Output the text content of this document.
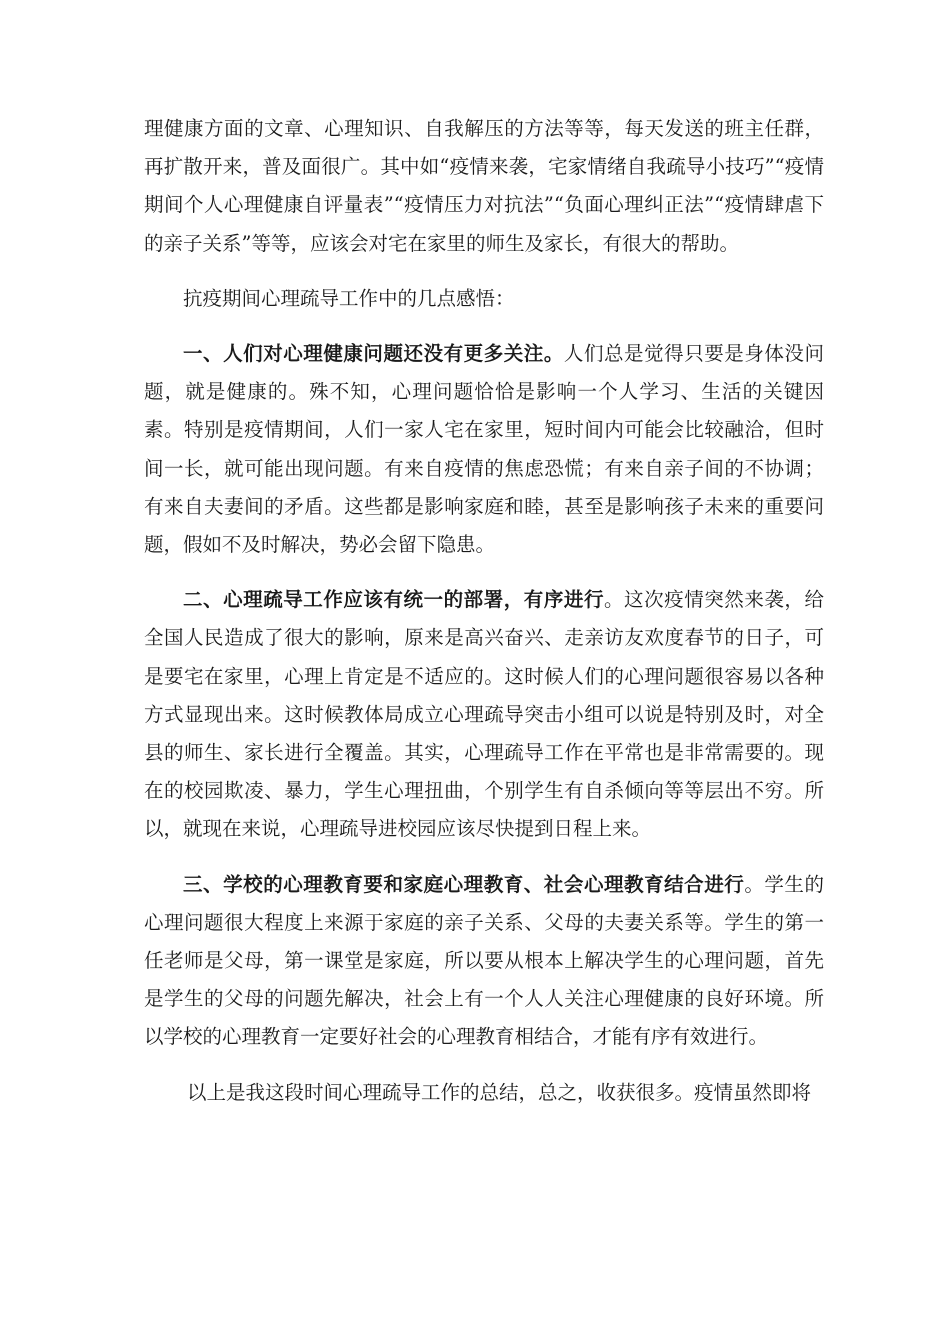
理健康方面的文章、心理知识、自我解压的方法等等，每天发送的班主任群，再扩散开来，普及面很广。其中如“疫情来袭，宅家情绪自我疏导小技巧”“疫情期间个人心理健康自评量表”“疫情压力对抗法”“负面心理纠正法”“疫情肆虐下的亲子关系”等等，应该会对宅在家里的师生及家长，有很大的帮助。

抗疫期间心理疏导工作中的几点感悟：

一、人们对心理健康问题还没有更多关注。人们总是觉得只要是身体没问题，就是健康的。殊不知，心理问题恰恰是影响一个人学习、生活的关键因素。特别是疫情期间，人们一家人宅在家里，短时间内可能会比较融洽，但时间一长，就可能出现问题。有来自疫情的焦虑恐慌；有来自亲子间的不协调；有来自夫妻间的矛盾。这些都是影响家庭和睦，甚至是影响孩子未来的重要问题，假如不及时解决，势必会留下隐患。

二、心理疏导工作应该有统一的部署，有序进行。这次疫情突然来袭，给全国人民造成了很大的影响，原来是高兴奋兴、走亲访友欢度春节的日子，可是要宅在家里，心理上肯定是不适应的。这时候人们的心理问题很容易以各种方式显现出来。这时候教体局成立心理疏导突击小组可以说是特别及时，对全县的师生、家长进行全覆盖。其实，心理疏导工作在平常也是非常需要的。现在的校园欺凌、暴力，学生心理扭曲，个别学生有自杀倾向等等层出不穷。所以，就现在来说，心理疏导进校园应该尽快提到日程上来。

三、学校的心理教育要和家庭心理教育、社会心理教育结合进行。学生的心理问题很大程度上来源于家庭的亲子关系、父母的夫妻关系等。学生的第一任老师是父母，第一课堂是家庭，所以要从根本上解决学生的心理问题，首先是学生的父母的问题先解决，社会上有一个人人关注心理健康的良好环境。所以学校的心理教育一定要好社会的心理教育相结合，才能有序有效进行。

以上是我这段时间心理疏导工作的总结，总之，收获很多。疫情虽然即将
